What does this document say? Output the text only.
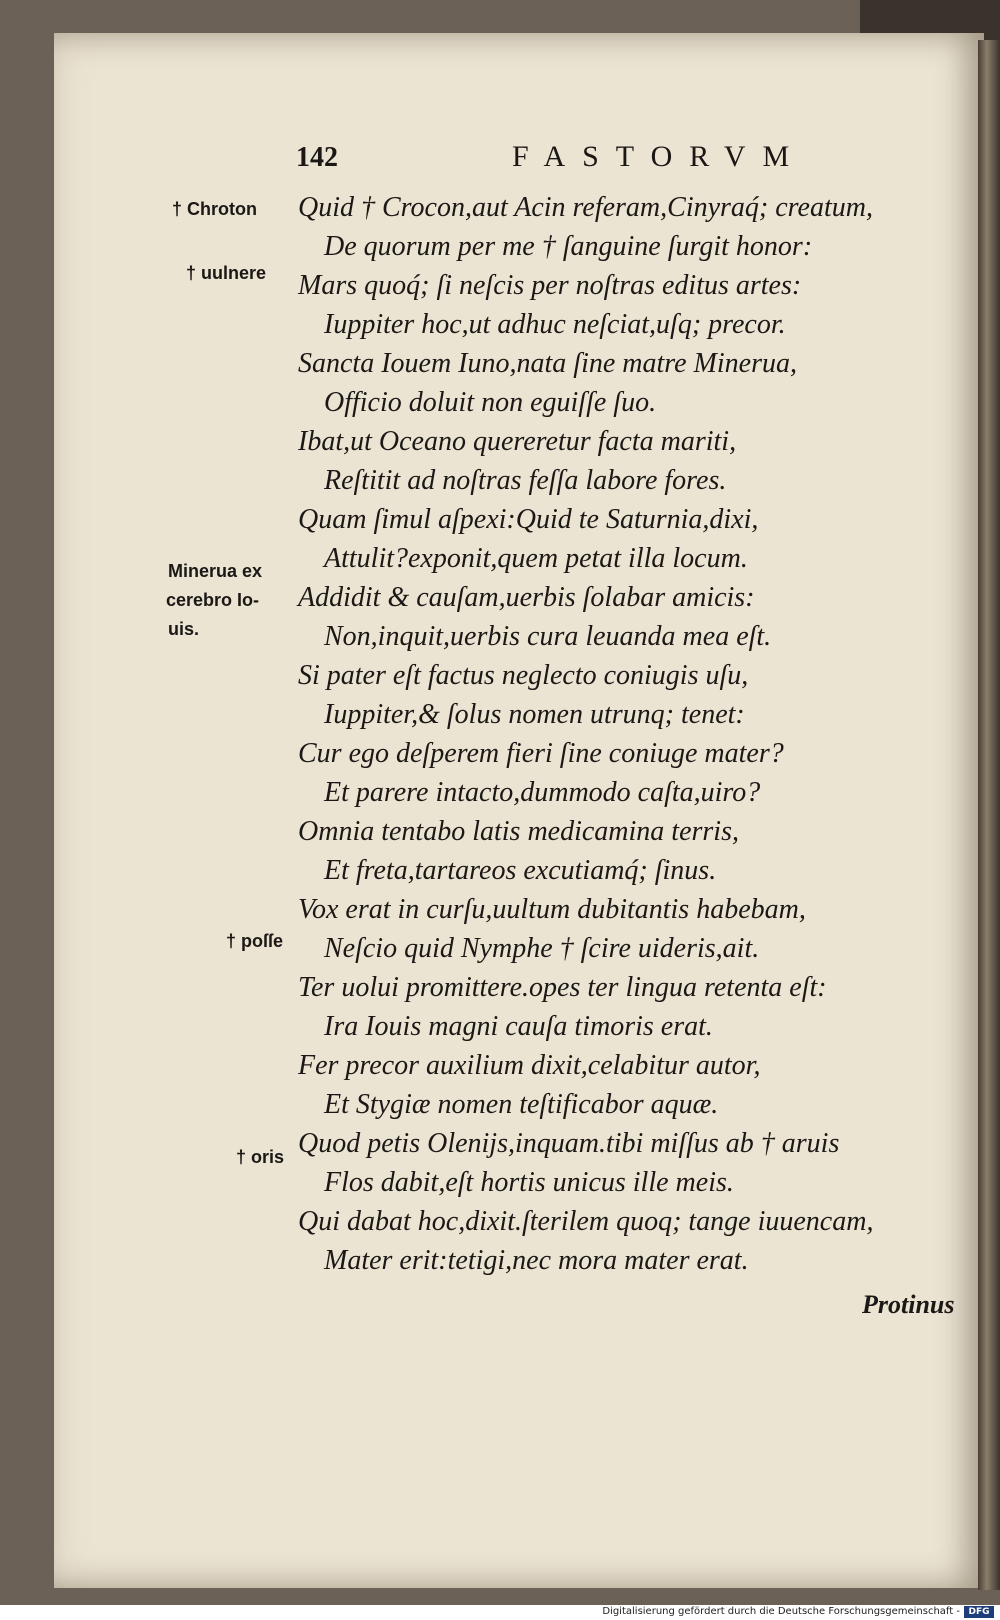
142	FASTORVM
Quid † Crocon,aut Acin referam,Cinyraq́; creatum,
De quorum per me † ſanguine ſurgit honor:
Mars quoq́; ſi neſcis per noſtras editus artes:
Iuppiter hoc,ut adhuc neſciat,uſq; precor.
Sancta Iouem Iuno,nata ſine matre Minerua,
Officio doluit non eguiſſe ſuo.
Ibat,ut Oceano quereretur facta mariti,
Reſtitit ad noſtras feſſa labore fores.
Quam ſimul aſpexi:Quid te Saturnia,dixi,
Attulit?exponit,quem petat illa locum.
Addidit & cauſam,uerbis ſolabar amicis:
Non,inquit,uerbis cura leuanda mea eſt.
Si pater eſt factus neglecto coniugis uſu,
Iuppiter,& ſolus nomen utrunq; tenet:
Cur ego deſperem fieri ſine coniuge mater?
Et parere intacto,dummodo caſta,uiro?
Omnia tentabo latis medicamina terris,
Et freta,tartareos excutiamq́; ſinus.
Vox erat in curſu,uultum dubitantis habebam,
Neſcio quid Nymphe † ſcire uideris,ait.
Ter uolui promittere.opes ter lingua retenta eſt:
Ira Iouis magni cauſa timoris erat.
Fer precor auxilium dixit,celabitur autor,
Et Stygiæ nomen teſtificabor aquæ.
Quod petis Olenijs,inquam.tibi miſſus ab † aruis
Flos dabit,eſt hortis unicus ille meis.
Qui dabat hoc,dixit.ſterilem quoq; tange iuuencam,
Mater erit:tetigi,nec mora mater erat.
† Chroton
† uulnere
Minerua ex
cerebro Io-
uis.
† poſſe
† oris
Protinus
Digitalisierung gefördert durch die Deutsche Forschungsgemeinschaft - DFG
